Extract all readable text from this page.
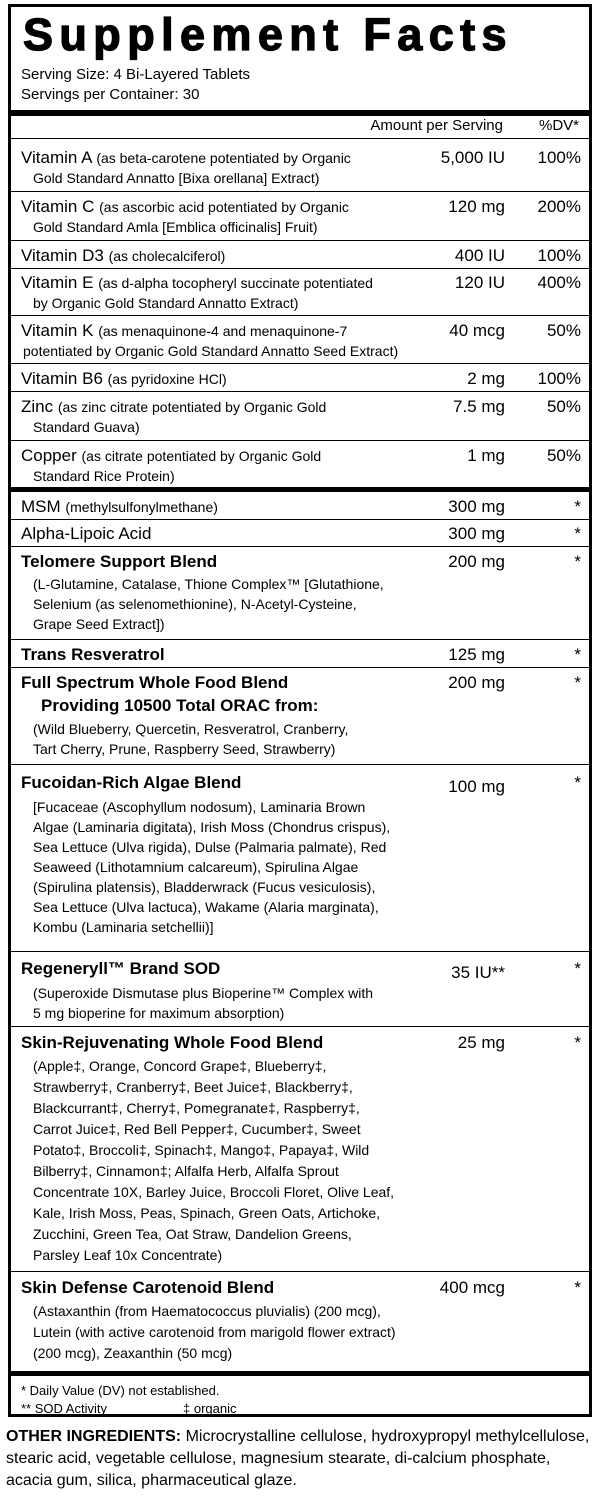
Supplement Facts
Serving Size: 4 Bi-Layered Tablets
Servings per Container: 30
Amount per Serving %DV*
Vitamin A (as beta-carotene potentiated by Organic
Gold Standard Annatto [Bixa orellana] Extract)
5,000 IU 100%
Vitamin C (as ascorbic acid potentiated by Organic
Gold Standard Amla [Emblica officinalis] Fruit)
120 mg 200%
Vitamin D3 (as cholecalciferol)	400 IU 100%
Vitamin E (as d-alpha tocopheryl succinate potentiated
by Organic Gold Standard Annatto Extract)
120 IU 400%
Vitamin K (as menaquinone-4 and menaquinone-7
potentiated by Organic Gold Standard Annatto Seed Extract)
40 mcg 50%
Vitamin B6 (as pyridoxine HCl)	2 mg 100%
Zinc (as zinc citrate potentiated by Organic Gold
Standard Guava)
7.5 mg 50%
Copper (as citrate potentiated by Organic Gold
Standard Rice Protein)
1 mg 50%
MSM (methylsulfonylmethane)	300 mg	*
Alpha-Lipoic Acid	300 mg	*
Telomere Support Blend
(L-Glutamine, Catalase, Thione Complex™ [Glutathione,
Selenium (as selenomethionine), N-Acetyl-Cysteine,
Grape Seed Extract])
200 mg	*
Trans Resveratrol	125 mg	*
Full Spectrum Whole Food Blend
Providing 10500 Total ORAC from:
(Wild Blueberry, Quercetin, Resveratrol, Cranberry,
Tart Cherry, Prune, Raspberry Seed, Strawberry)
200 mg	*
Fucoidan-Rich Algae Blend
[Fucaceae (Ascophyllum nodosum), Laminaria Brown
Algae (Laminaria digitata), Irish Moss (Chondrus crispus),
Sea Lettuce (Ulva rigida), Dulse (Palmaria palmate), Red
Seaweed (Lithotamnium calcareum), Spirulina Algae
(Spirulina platensis), Bladderwrack (Fucus vesiculosis),
Sea Lettuce (Ulva lactuca), Wakame (Alaria marginata),
Kombu (Laminaria setchellii)]
100 mg	*
Regeneryll™ Brand SOD
(Superoxide Dismutase plus Bioperine™ Complex with
5 mg bioperine for maximum absorption)
35 IU**	*
Skin-Rejuvenating Whole Food Blend
(Apple‡, Orange, Concord Grape‡, Blueberry‡,
Strawberry‡, Cranberry‡, Beet Juice‡, Blackberry‡,
Blackcurrant‡, Cherry‡, Pomegranate‡, Raspberry‡,
Carrot Juice‡, Red Bell Pepper‡, Cucumber‡, Sweet
Potato‡, Broccoli‡, Spinach‡, Mango‡, Papaya‡, Wild
Bilberry‡, Cinnamon‡; Alfalfa Herb, Alfalfa Sprout
Concentrate 10X, Barley Juice, Broccoli Floret, Olive Leaf,
Kale, Irish Moss, Peas, Spinach, Green Oats, Artichoke,
Zucchini, Green Tea, Oat Straw, Dandelion Greens,
Parsley Leaf 10x Concentrate)
25 mg	*
Skin Defense Carotenoid Blend
(Astaxanthin (from Haematococcus pluvialis) (200 mcg),
Lutein (with active carotenoid from marigold flower extract)
(200 mcg), Zeaxanthin (50 mcg)
400 mcg	*
* Daily Value (DV) not established.
** SOD Activity	‡ organic
OTHER INGREDIENTS: Microcrystalline cellulose, hydroxypropyl methylcellulose, stearic acid, vegetable cellulose, magnesium stearate, di-calcium phosphate, acacia gum, silica, pharmaceutical glaze.
